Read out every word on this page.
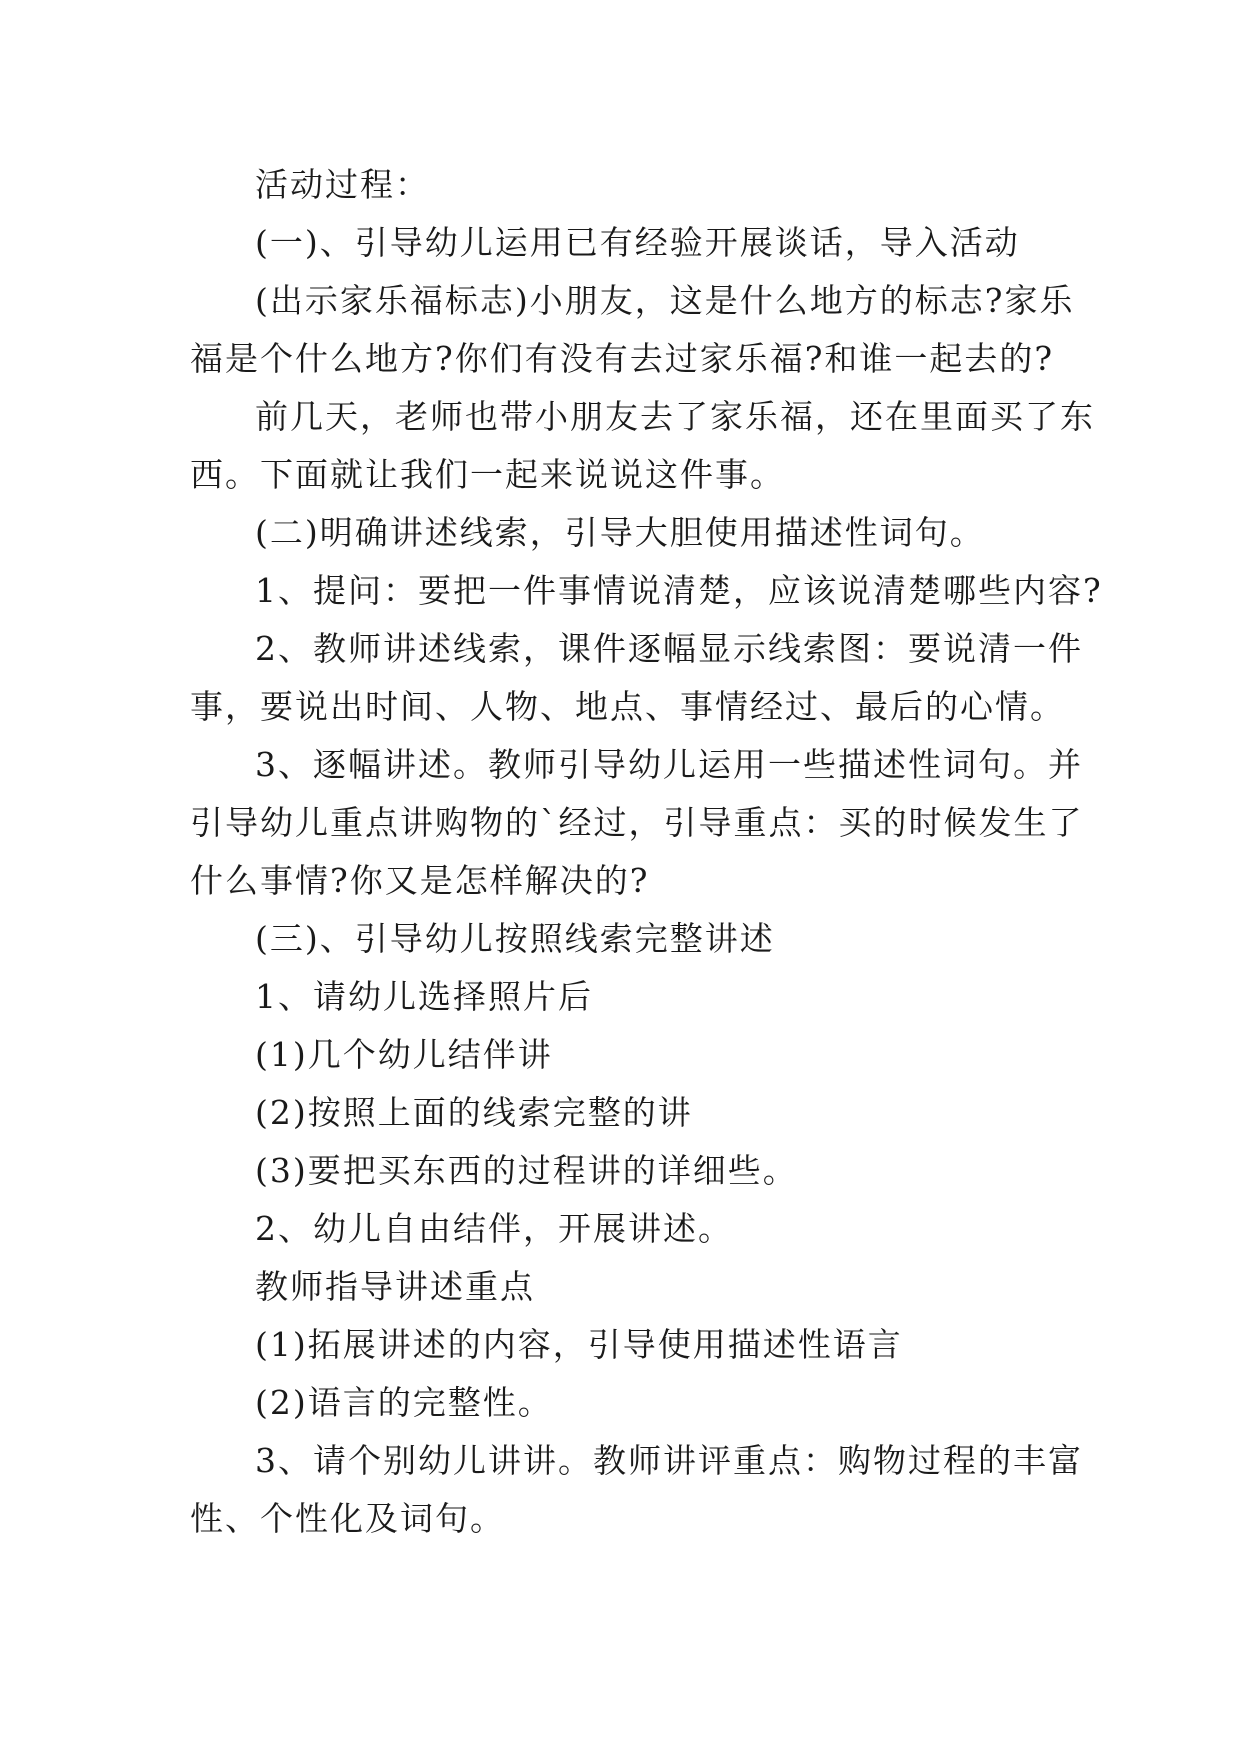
活动过程：
(一)、引导幼儿运用已有经验开展谈话，导入活动
(出示家乐福标志)小朋友，这是什么地方的标志?家乐
福是个什么地方?你们有没有去过家乐福?和谁一起去的?
前几天，老师也带小朋友去了家乐福，还在里面买了东
西。下面就让我们一起来说说这件事。
(二)明确讲述线索，引导大胆使用描述性词句。
1、提问：要把一件事情说清楚，应该说清楚哪些内容?
2、教师讲述线索，课件逐幅显示线索图：要说清一件
事，要说出时间、人物、地点、事情经过、最后的心情。
3、逐幅讲述。教师引导幼儿运用一些描述性词句。并
引导幼儿重点讲购物的`经过，引导重点：买的时候发生了
什么事情?你又是怎样解决的?
(三)、引导幼儿按照线索完整讲述
1、请幼儿选择照片后
(1)几个幼儿结伴讲
(2)按照上面的线索完整的讲
(3)要把买东西的过程讲的详细些。
2、幼儿自由结伴，开展讲述。
教师指导讲述重点
(1)拓展讲述的内容，引导使用描述性语言
(2)语言的完整性。
3、请个别幼儿讲讲。教师讲评重点：购物过程的丰富
性、个性化及词句。
